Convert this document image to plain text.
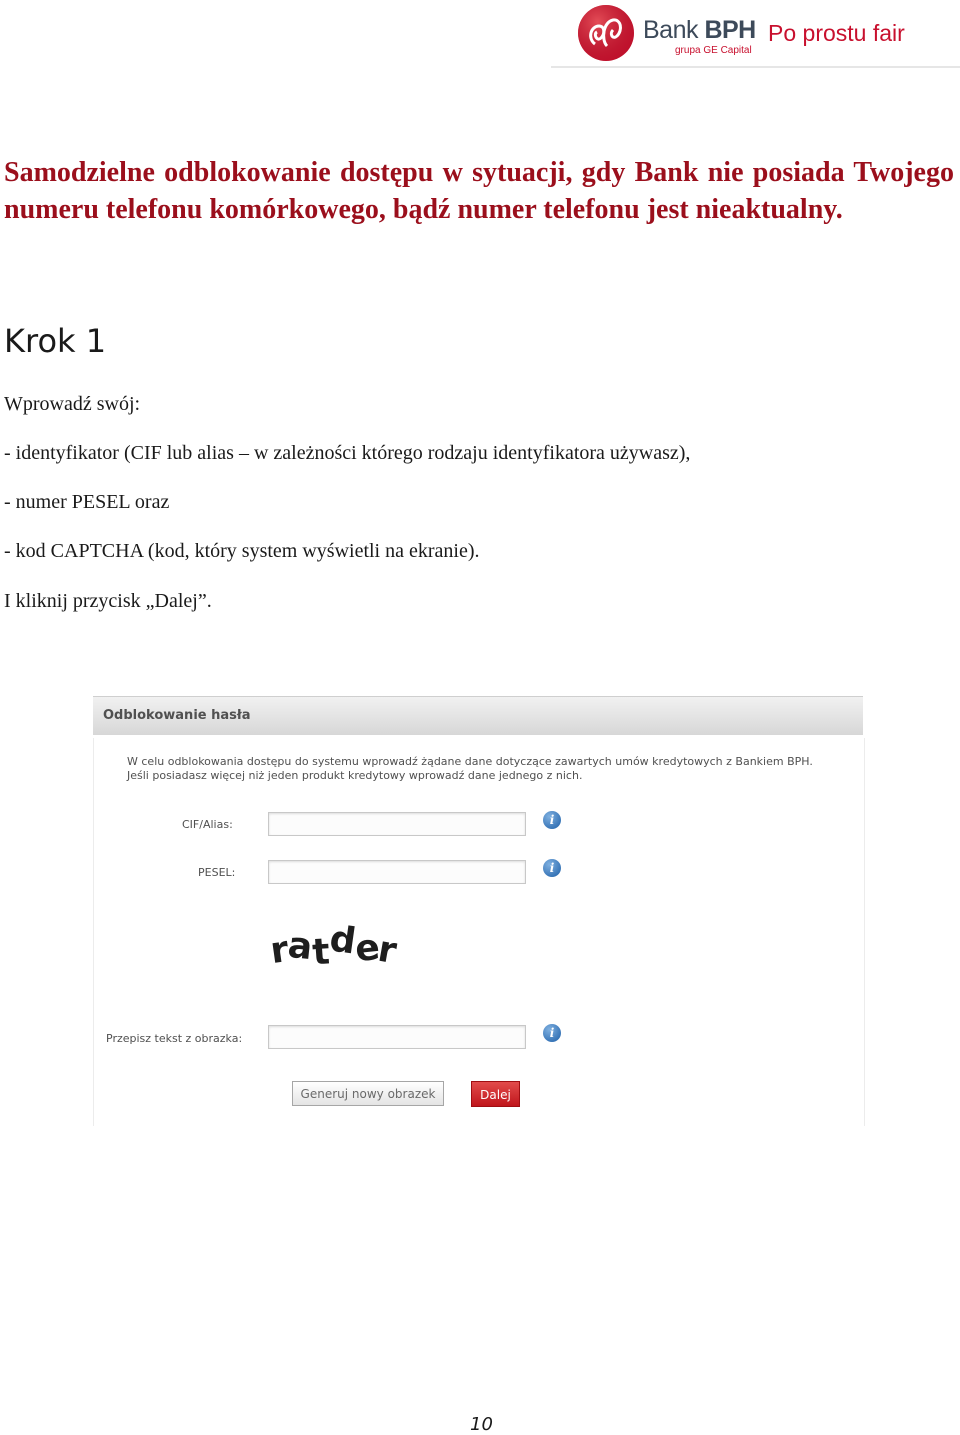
Bank BPH
grupa GE Capital
Po prostu fair
Samodzielne odblokowanie dostępu w sytuacji, gdy Bank nie posiada Twojego numeru telefonu komórkowego, bądź numer telefonu jest nieaktualny.
Krok 1
Wprowadź swój:
- identyfikator (CIF lub alias – w zależności którego rodzaju identyfikatora używasz),
- numer PESEL oraz
- kod CAPTCHA (kod, który system wyświetli na ekranie).
I kliknij przycisk „Dalej”.
Odblokowanie hasła
W celu odblokowania dostępu do systemu wprowadź żądane dane dotyczące zawartych umów kredytowych z Bankiem BPH.
Jeśli posiadasz więcej niż jeden produkt kredytowy wprowadź dane jednego z nich.
CIF/Alias:	i
PESEL:	i
ratder
Przepisz tekst z obrazka:	i
Generuj nowy obrazek	Dalej
10
